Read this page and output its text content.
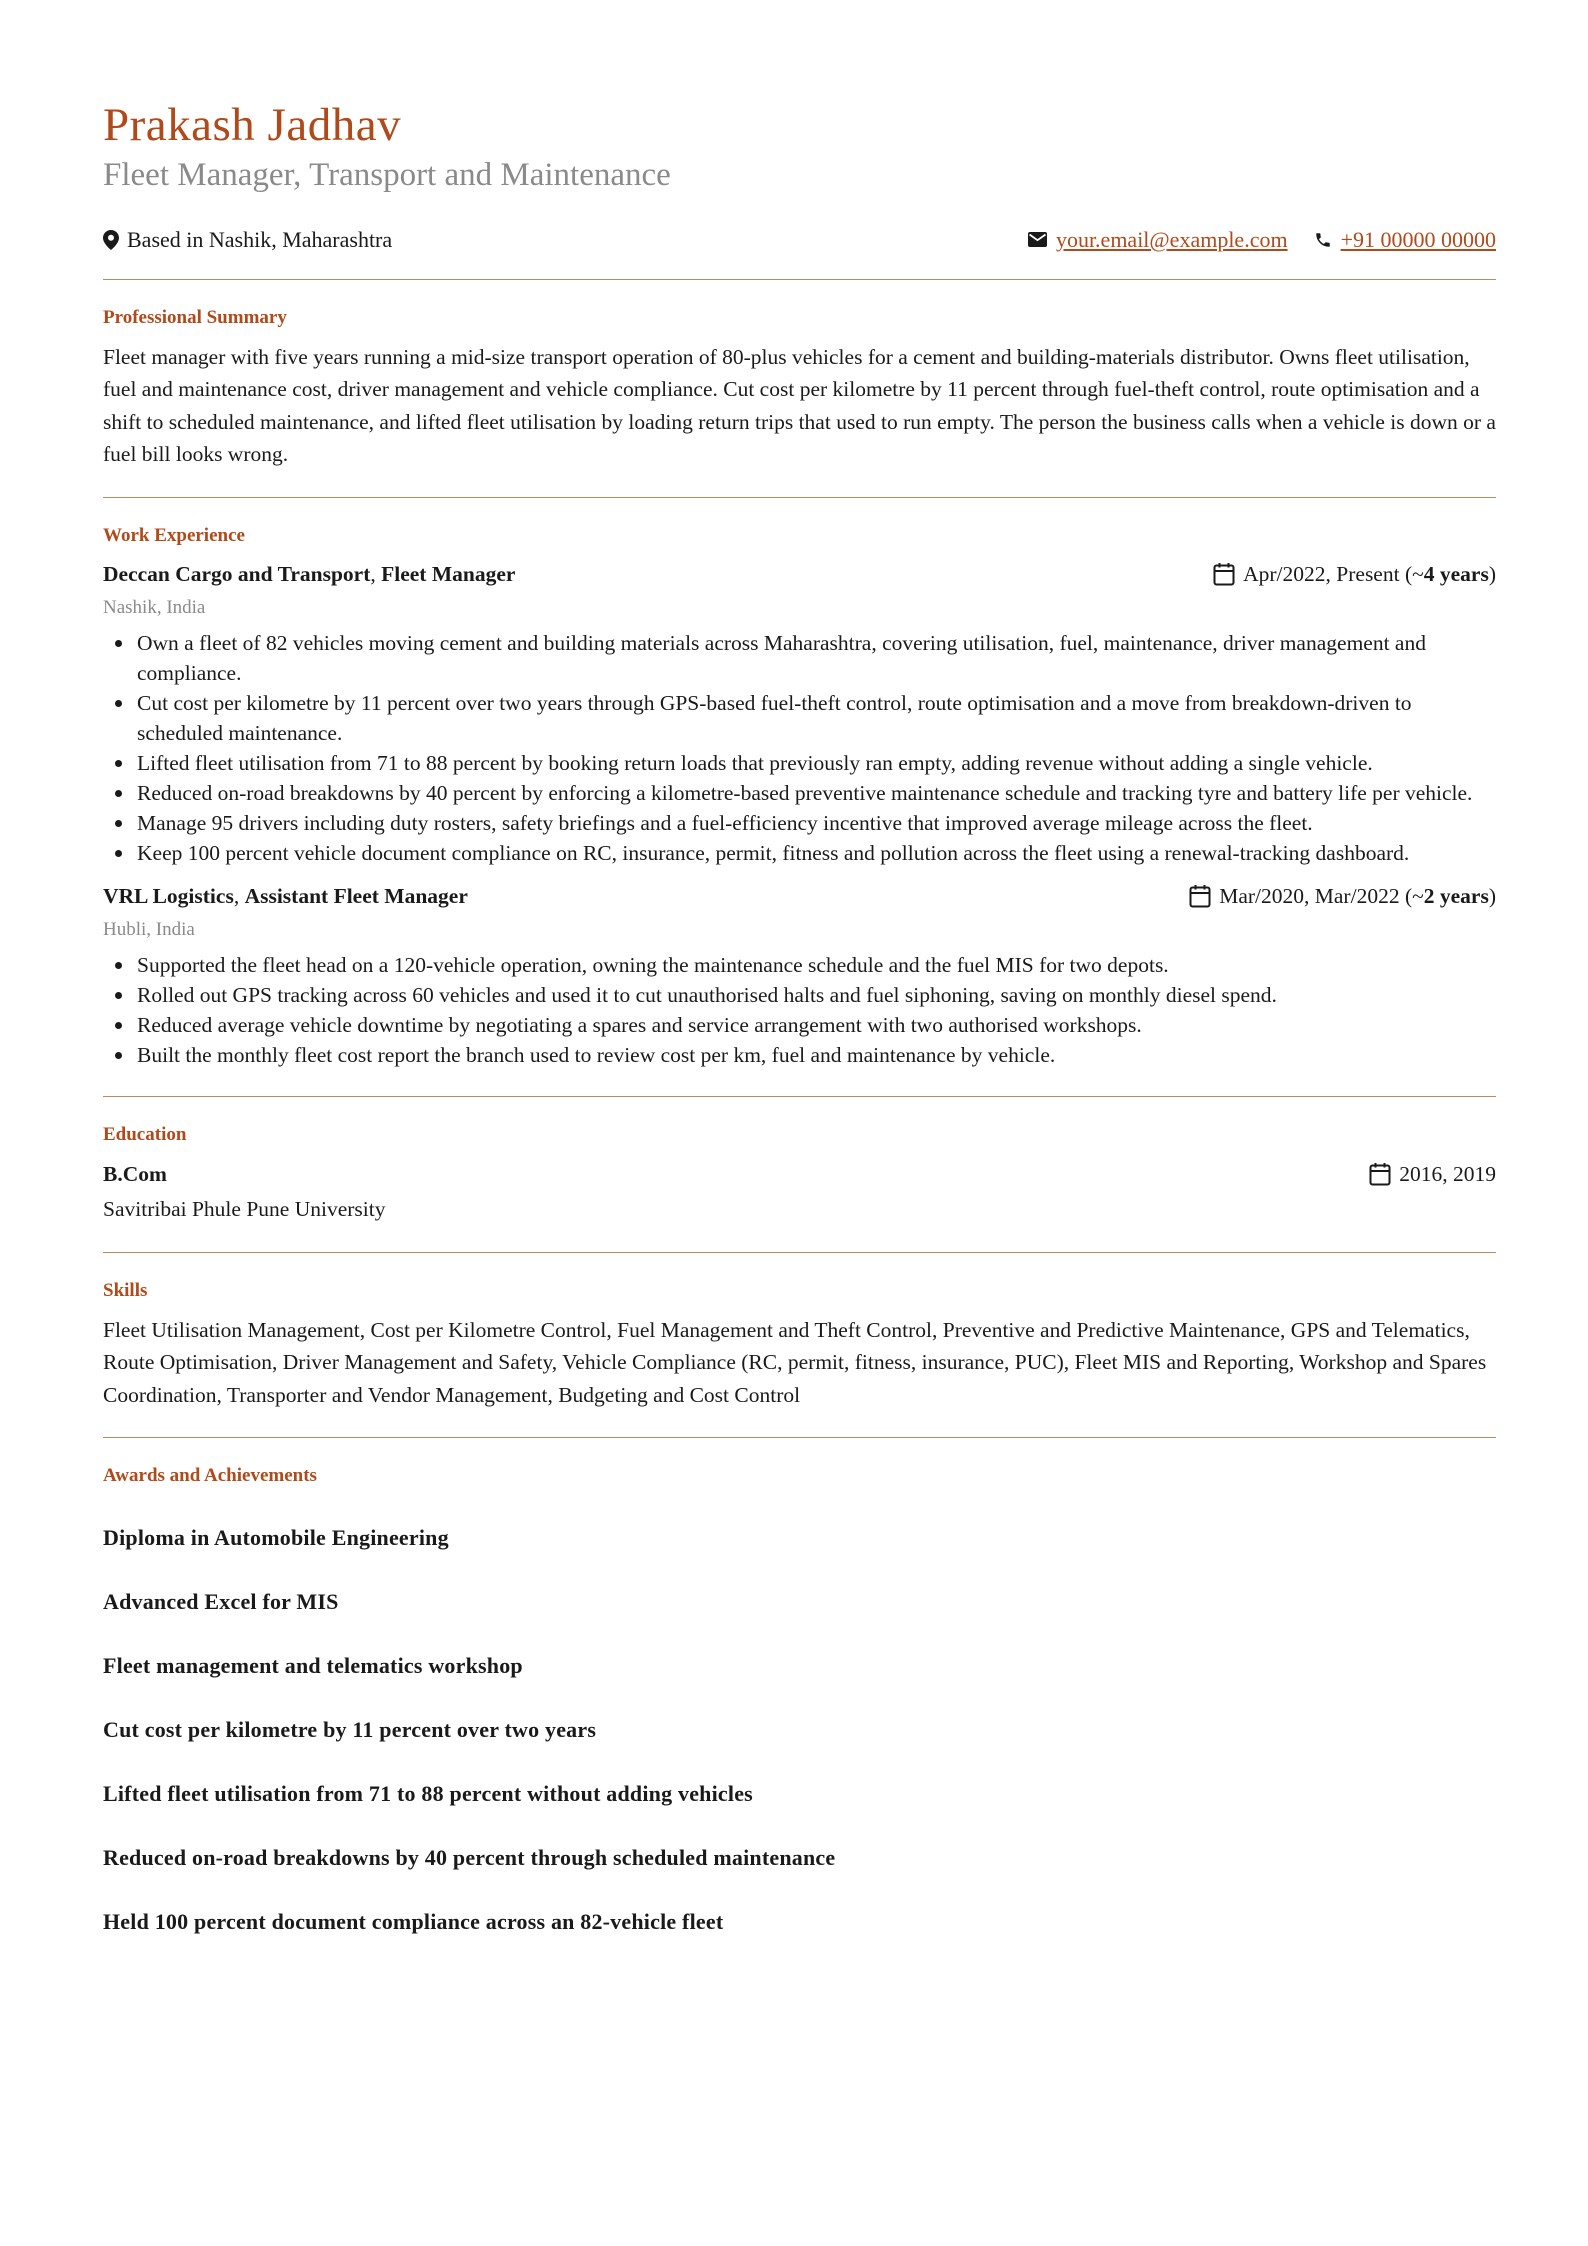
Prakash Jadhav
Fleet Manager, Transport and Maintenance
Based in Nashik, Maharashtra	your.email@example.com +91 00000 00000
Professional Summary
Fleet manager with five years running a mid-size transport operation of 80-plus vehicles for a cement and building-materials distributor. Owns fleet utilisation, fuel and maintenance cost, driver management and vehicle compliance. Cut cost per kilometre by 11 percent through fuel-theft control, route optimisation and a shift to scheduled maintenance, and lifted fleet utilisation by loading return trips that used to run empty. The person the business calls when a vehicle is down or a fuel bill looks wrong.
Work Experience
Deccan Cargo and Transport, Fleet Manager	Apr/2022, Present (~ 4 years )
Nashik, India
Own a fleet of 82 vehicles moving cement and building materials across Maharashtra, covering utilisation, fuel, maintenance, driver management and compliance.
Cut cost per kilometre by 11 percent over two years through GPS-based fuel-theft control, route optimisation and a move from breakdown-driven to scheduled maintenance.
Lifted fleet utilisation from 71 to 88 percent by booking return loads that previously ran empty, adding revenue without adding a single vehicle.
Reduced on-road breakdowns by 40 percent by enforcing a kilometre-based preventive maintenance schedule and tracking tyre and battery life per vehicle.
Manage 95 drivers including duty rosters, safety briefings and a fuel-efficiency incentive that improved average mileage across the fleet.
Keep 100 percent vehicle document compliance on RC, insurance, permit, fitness and pollution across the fleet using a renewal-tracking dashboard.
VRL Logistics, Assistant Fleet Manager	Mar/2020, Mar/2022 (~ 2 years )
Hubli, India
Supported the fleet head on a 120-vehicle operation, owning the maintenance schedule and the fuel MIS for two depots.
Rolled out GPS tracking across 60 vehicles and used it to cut unauthorised halts and fuel siphoning, saving on monthly diesel spend.
Reduced average vehicle downtime by negotiating a spares and service arrangement with two authorised workshops.
Built the monthly fleet cost report the branch used to review cost per km, fuel and maintenance by vehicle.
Education
B.Com	2016, 2019
Savitribai Phule Pune University
Skills
Fleet Utilisation Management, Cost per Kilometre Control, Fuel Management and Theft Control, Preventive and Predictive Maintenance, GPS and Telematics, Route Optimisation, Driver Management and Safety, Vehicle Compliance (RC, permit, fitness, insurance, PUC), Fleet MIS and Reporting, Workshop and Spares Coordination, Transporter and Vendor Management, Budgeting and Cost Control
Awards and Achievements
Diploma in Automobile Engineering
Advanced Excel for MIS
Fleet management and telematics workshop
Cut cost per kilometre by 11 percent over two years
Lifted fleet utilisation from 71 to 88 percent without adding vehicles
Reduced on-road breakdowns by 40 percent through scheduled maintenance
Held 100 percent document compliance across an 82-vehicle fleet
